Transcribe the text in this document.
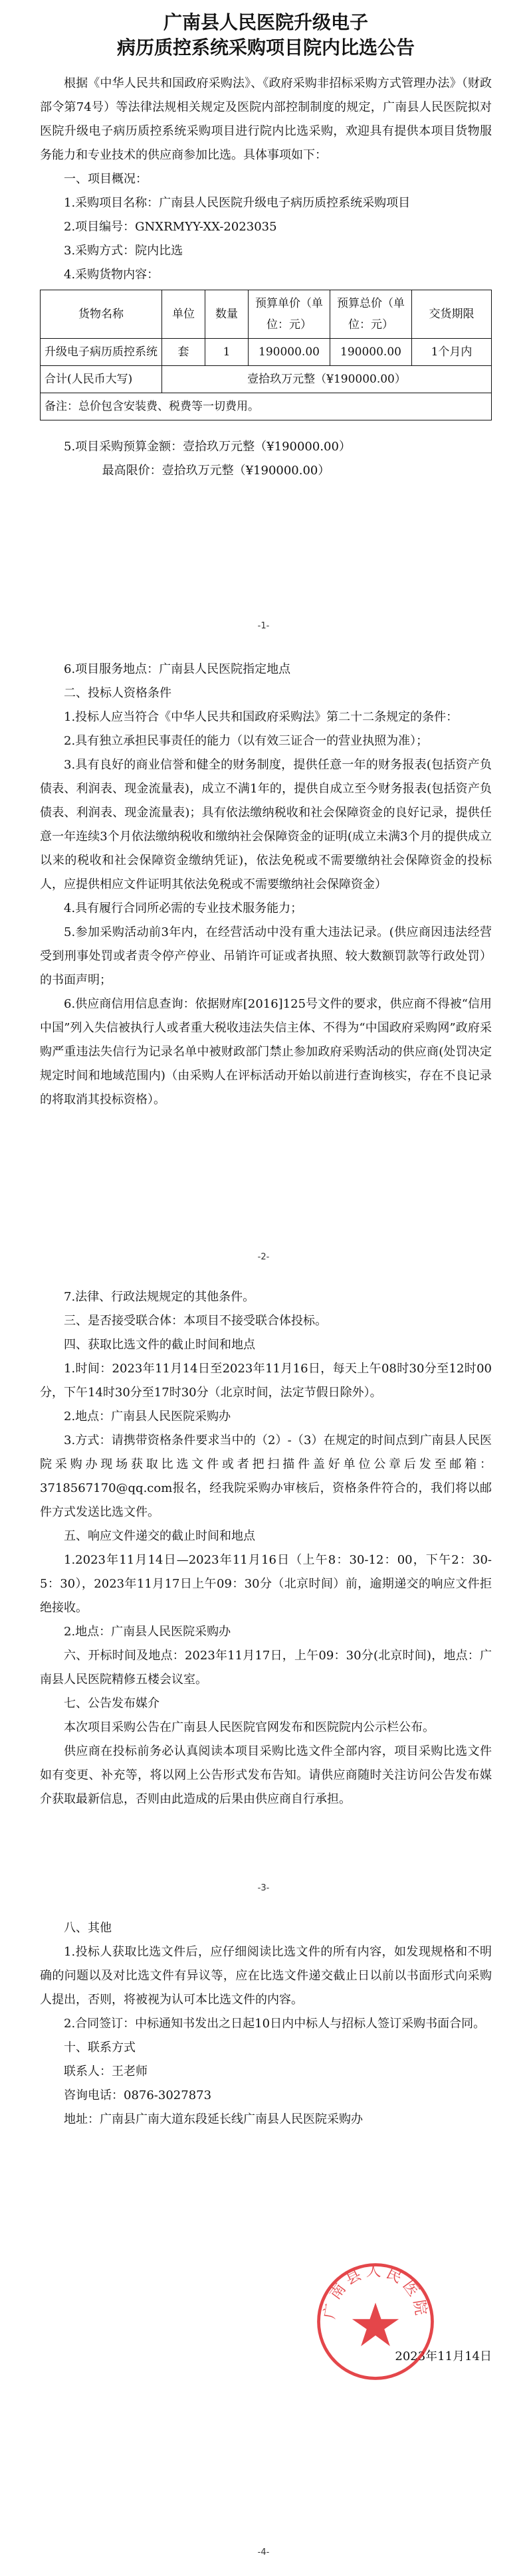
广南县人民医院升级电子
病历质控系统采购项目院内比选公告
根据《中华人民共和国政府采购法》、《政府采购非招标采购方式管理办法》（财政部令第74号）等法律法规相关规定及医院内部控制制度的规定，广南县人民医院拟对医院升级电子病历质控系统采购项目进行院内比选采购，欢迎具有提供本项目货物服务能力和专业技术的供应商参加比选。具体事项如下：
一、项目概况：
1.采购项目名称：广南县人民医院升级电子病历质控系统采购项目
2.项目编号：GNXRMYY-XX-2023035
3.采购方式：院内比选
4.采购货物内容：
货物名称	单位	数量	预算单价（单位：元）	预算总价（单位：元）	交货期限
升级电子病历质控系统	套	1	190000.00	190000.00	1个月内
合计(人民币大写)	壹拾玖万元整（¥190000.00）				
备注：总价包含安装费、税费等一切费用。					
5.项目采购预算金额：壹拾玖万元整（¥190000.00）
最高限价：壹拾玖万元整（¥190000.00）
-1-
6.项目服务地点：广南县人民医院指定地点
二、投标人资格条件
1.投标人应当符合《中华人民共和国政府采购法》第二十二条规定的条件：
2.具有独立承担民事责任的能力（以有效三证合一的营业执照为准）；
3.具有良好的商业信誉和健全的财务制度，提供任意一年的财务报表(包括资产负债表、利润表、现金流量表)，成立不满1年的，提供自成立至今财务报表(包括资产负债表、利润表、现金流量表)；具有依法缴纳税收和社会保障资金的良好记录，提供任意一年连续3个月依法缴纳税收和缴纳社会保障资金的证明(成立未满3个月的提供成立以来的税收和社会保障资金缴纳凭证)，依法免税或不需要缴纳社会保障资金的投标人，应提供相应文件证明其依法免税或不需要缴纳社会保障资金）
4.具有履行合同所必需的专业技术服务能力；
5.参加采购活动前3年内，在经营活动中没有重大违法记录。(供应商因违法经营受到刑事处罚或者责令停产停业、吊销许可证或者执照、较大数额罚款等行政处罚）的书面声明；
6.供应商信用信息查询：依据财库[2016]125号文件的要求，供应商不得被“信用中国”列入失信被执行人或者重大税收违法失信主体、不得为“中国政府采购网”政府采购严重违法失信行为记录名单中被财政部门禁止参加政府采购活动的供应商(处罚决定规定时间和地域范围内)（由采购人在评标活动开始以前进行查询核实，存在不良记录的将取消其投标资格）。
-2-
7.法律、行政法规规定的其他条件。
三、是否接受联合体：本项目不接受联合体投标。
四、获取比选文件的截止时间和地点
1.时间：2023年11月14日至2023年11月16日，每天上午08时30分至12时00分，下午14时30分至17时30分（北京时间，法定节假日除外）。
2.地点：广南县人民医院采购办
3.方式：请携带资格条件要求当中的（2）-（3）在规定的时间点到广南县人民医院采购办现场获取比选文件或者把扫描件盖好单位公章后发至邮箱：3718567170@qq.com报名，经我院采购办审核后，资格条件符合的，我们将以邮件方式发送比选文件。
五、响应文件递交的截止时间和地点
1.2023年11月14日—2023年11月16日（上午8：30-12：00，下午2：30-5：30），2023年11月17日上午09：30分（北京时间）前，逾期递交的响应文件拒绝接收。
2.地点：广南县人民医院采购办
六、开标时间及地点：2023年11月17日，上午09：30分(北京时间)，地点：广南县人民医院精修五楼会议室。
七、公告发布媒介
本次项目采购公告在广南县人民医院官网发布和医院院内公示栏公布。
供应商在投标前务必认真阅读本项目采购比选文件全部内容，项目采购比选文件如有变更、补充等，将以网上公告形式发布告知。请供应商随时关注访问公告发布媒介获取最新信息，否则由此造成的后果由供应商自行承担。
-3-
八、其他
1.投标人获取比选文件后，应仔细阅读比选文件的所有内容，如发现规格和不明确的问题以及对比选文件有异议等，应在比选文件递交截止日以前以书面形式向采购人提出，否则，将被视为认可本比选文件的内容。
2.合同签订：中标通知书发出之日起10日内中标人与招标人签订采购书面合同。
十、联系方式
联系人：王老师
咨询电话：0876-3027873
地址：广南县广南大道东段延长线广南县人民医院采购办
2023年11月14日
-4-
广南县人民医院
